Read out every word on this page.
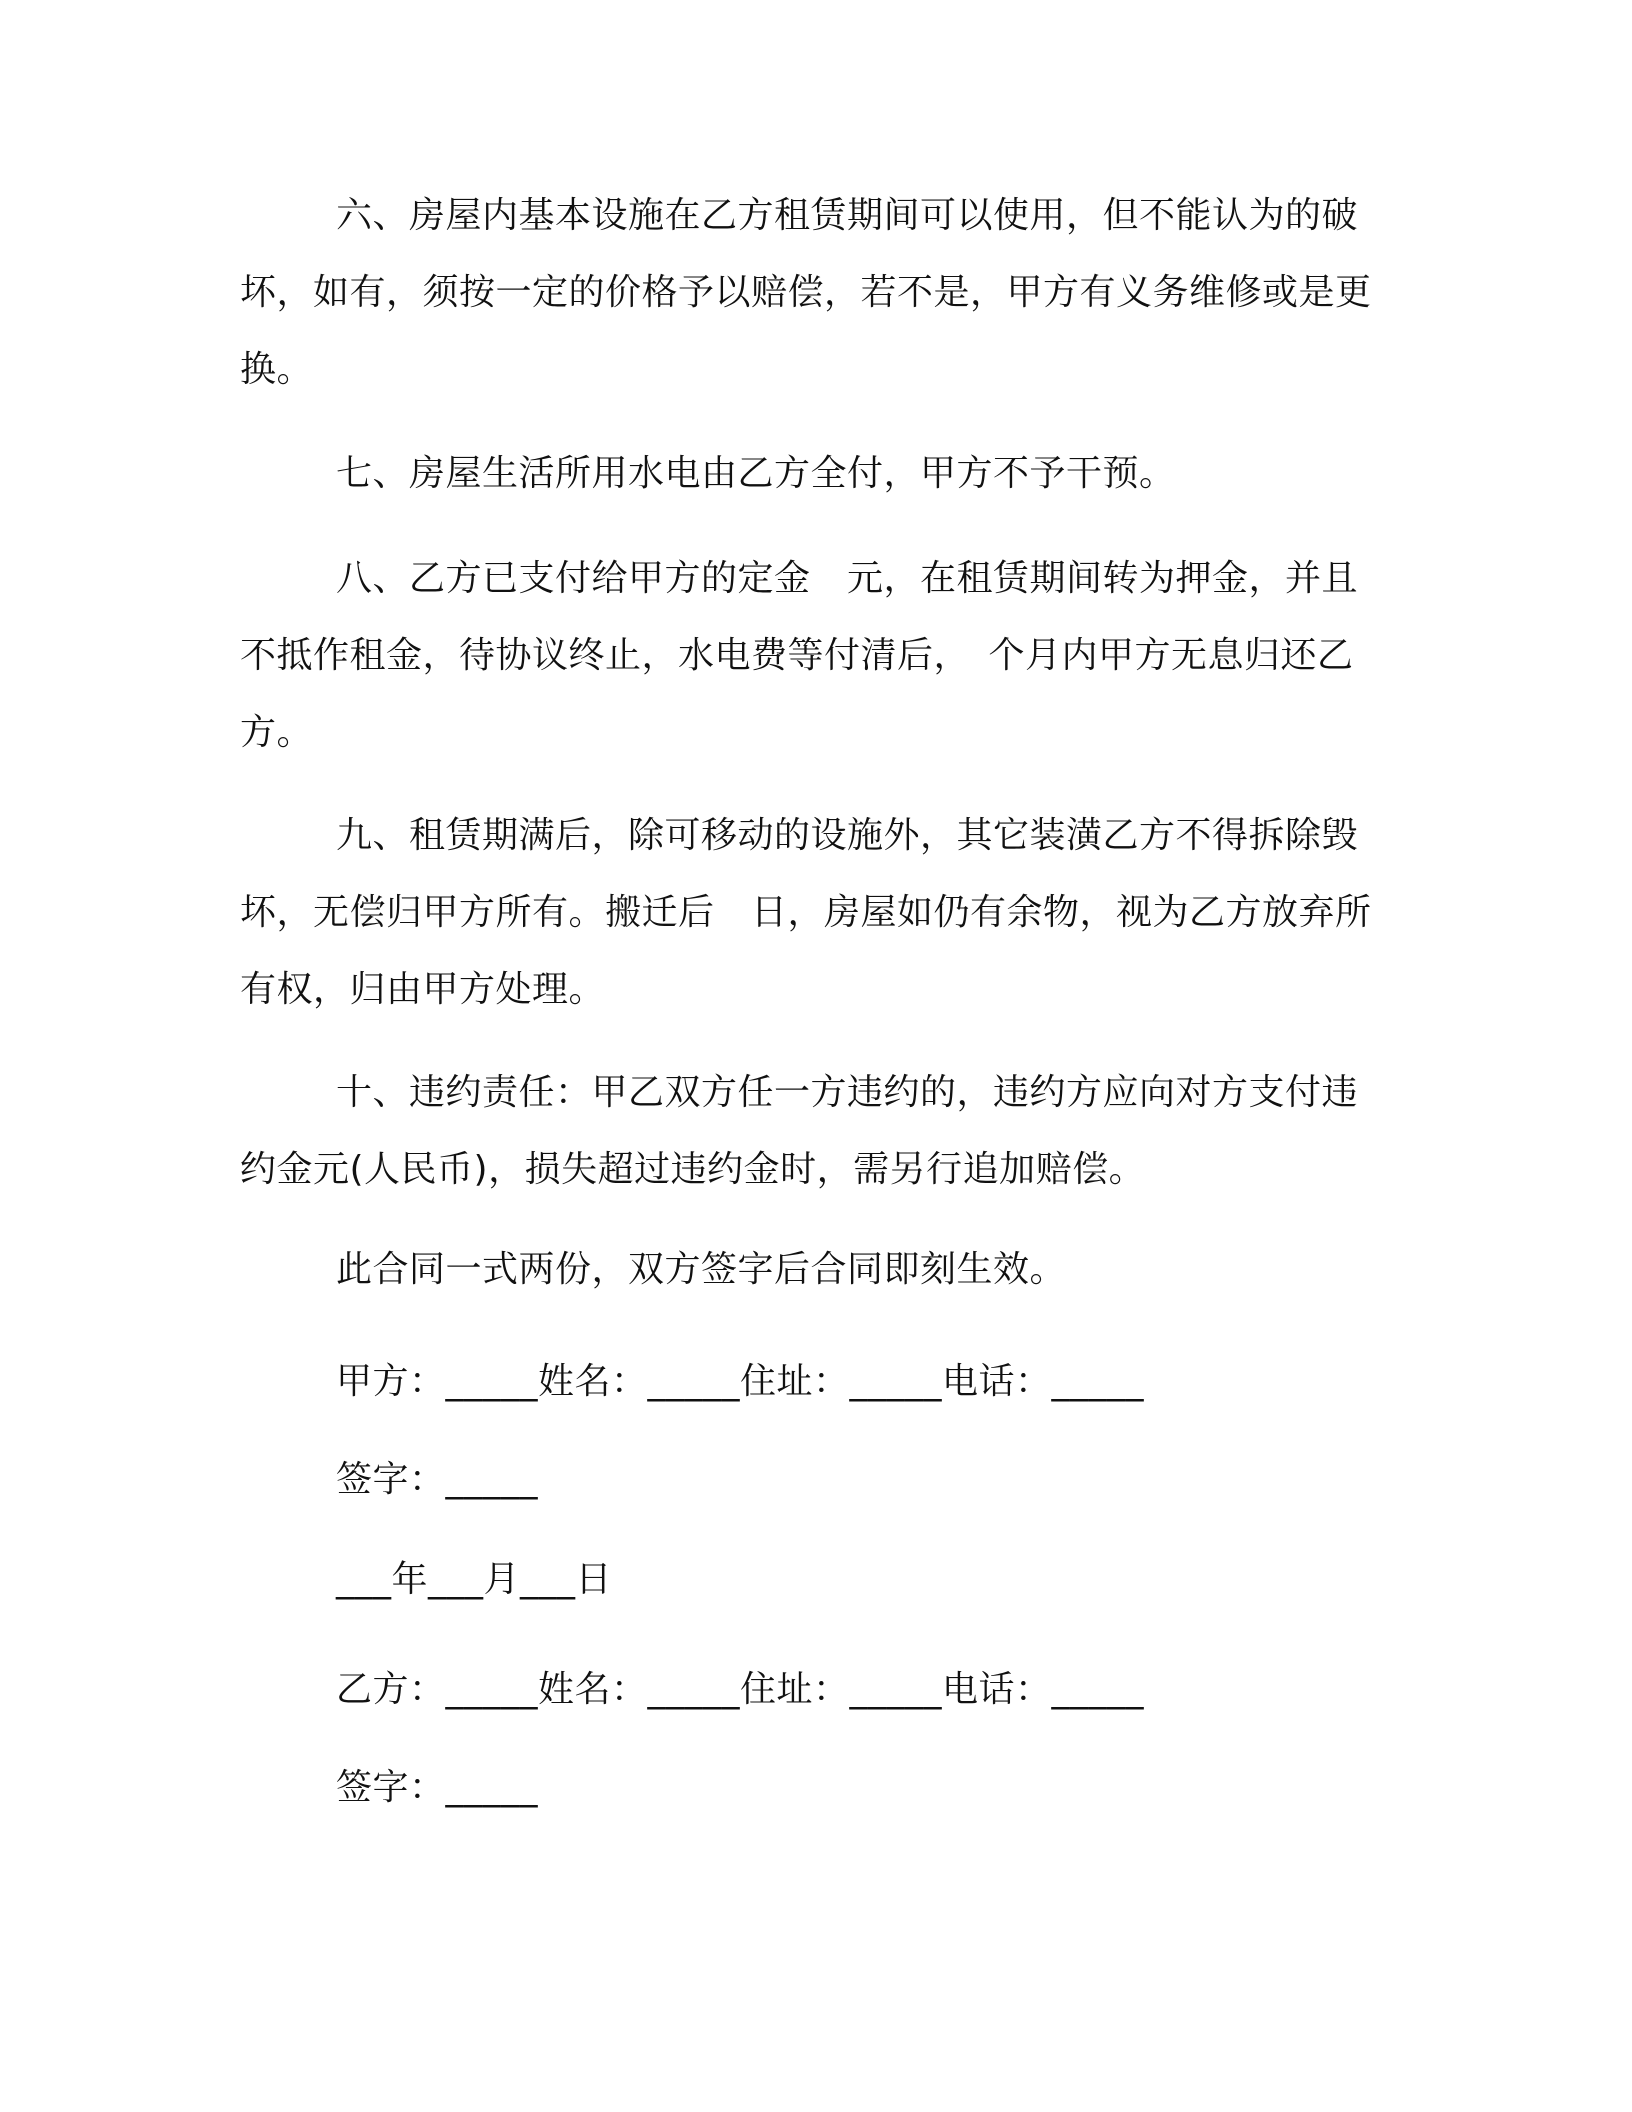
六、房屋内基本设施在乙方租赁期间可以使用，但不能认为的破坏，如有，须按一定的价格予以赔偿，若不是，甲方有义务维修或是更换。

七、房屋生活所用水电由乙方全付，甲方不予干预。

八、乙方已支付给甲方的定金　元，在租赁期间转为押金，并且不抵作租金，待协议终止，水电费等付清后，　个月内甲方无息归还乙方。

九、租赁期满后，除可移动的设施外，其它装潢乙方不得拆除毁坏，无偿归甲方所有。搬迁后　日，房屋如仍有余物，视为乙方放弃所有权，归由甲方处理。

十、违约责任：甲乙双方任一方违约的，违约方应向对方支付违约金元(人民币)，损失超过违约金时，需另行追加赔偿。

此合同一式两份，双方签字后合同即刻生效。

甲方：_____姓名：_____住址：_____电话：_____

签字：_____

___年___月___日

乙方：_____姓名：_____住址：_____电话：_____

签字：_____
